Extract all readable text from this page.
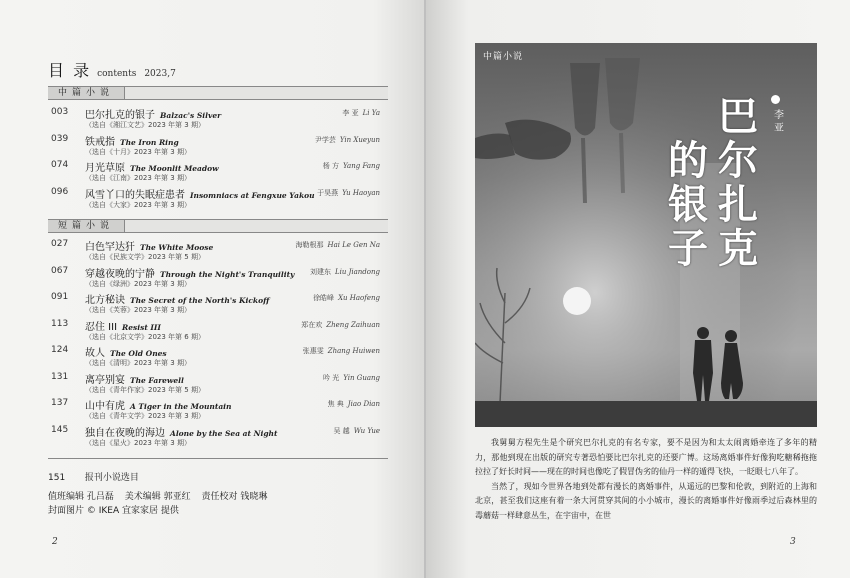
目 录 contents 2023,7
中篇小说
短篇小说
151 报刊小说选目
值班编辑 孔吕磊 美术编辑 郭亚红 责任校对 钱晓琳
封面图片 © IKEA 宜家家居 提供
2
003 巴尔扎克的银子 Balzac's Silver
（选自《湘江文艺》2023 年第 3 期）
李 亚 Li Ya
039 铁戒指 The Iron Ring
（选自《十月》2023 年第 3 期）
尹学芸 Yin Xueyun
074 月光草原 The Moonlit Meadow
（选自《江南》2023 年第 3 期）
杨 方 Yang Fang
096 风雪丫口的失眠症患者 Insomniacs at Fengxue Yakou
（选自《大家》2023 年第 3 期）
于昊燕 Yu Haoyan
027 白色罕达犴 The White Moose
（选自《民族文学》2023 年第 5 期）
海勒根那 Hai Le Gen Na
067 穿越夜晚的宁静 Through the Night's Tranquility
（选自《绿洲》2023 年第 3 期）
刘建东 Liu Jiandong
091 北方秘诀 The Secret of the North's Kickoff
（选自《芙蓉》2023 年第 3 期）
徐皓峰 Xu Haofeng
113 忍住 III Resist III
（选自《北京文学》2023 年第 6 期）
郑在欢 Zheng Zaihuan
124 故人 The Old Ones
（选自《清明》2023 年第 3 期）
张惠雯 Zhang Huiwen
131 离亭别宴 The Farewell
（选自《青年作家》2023 年第 5 期）
吟 光 Yin Guang
137 山中有虎 A Tiger in the Mountain
（选自《青年文学》2023 年第 3 期）
焦 典 Jiao Dian
145 独自在夜晚的海边 Alone by the Sea at Night
（选自《星火》2023 年第 3 期）
吴 越 Wu Yue
中篇小说
李
亚
巴
尔
扎
克
的
银
子

我舅舅方程先生是个研究巴尔扎克的有名专家，要不是因为和太太闹离婚牵连了多年的精力，那他到现在出版的研究专著恐怕要比巴尔扎克的还要广博。这场离婚事件好像狗吃糖稀拖拖拉拉了好长时间——现在的时间也像吃了假冒伪劣的仙丹一样的遁得飞快，一眨眼七八年了。

当然了，现如今世界各地到处都有漫长的离婚事件，从遥远的巴黎和伦敦，到附近的上海和北京，甚至我们这座有着一条大河贯穿其间的小小城市，漫长的离婚事件好像雨季过后森林里的毒蘑菇一样肆意丛生，在宇宙中，在世

3
